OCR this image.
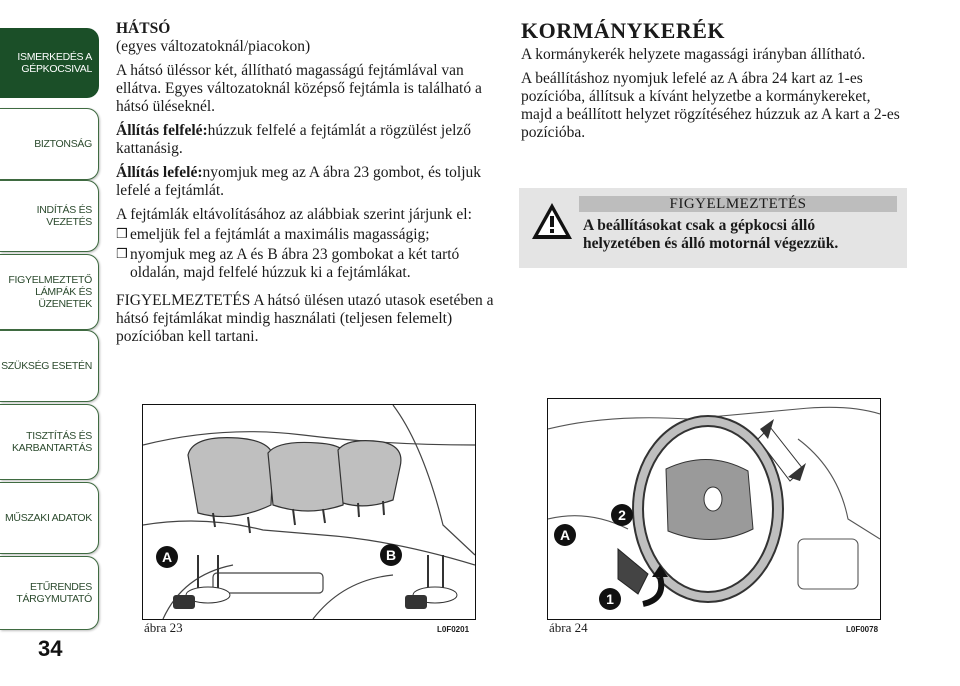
ISMERKEDÉS A
GÉPKOCSIVAL
BIZTONSÁG
INDÍTÁS ÉS
VEZETÉS
FIGYELMEZTETŐ
LÁMPÁK ÉS
ÜZENETEK
SZÜKSÉG ESETÉN
TISZTÍTÁS ÉS
KARBANTARTÁS
MŰSZAKI ADATOK
ETŰRENDES
TÁRGYMUTATÓ
34

HÁTSÓ

(egyes változatoknál/piacokon)

A hátsó üléssor két, állítható magasságú fejtámlával van ellátva. Egyes változatoknál középső fejtámla is található a hátsó üléseknél.

Állítás felfelé:húzzuk felfelé a fejtámlát a rögzülést jelző kattanásig.

Állítás lefelé:nyomjuk meg az A ábra 23 gombot, és toljuk lefelé a fejtámlát.

A fejtámlák eltávolításához az alábbiak szerint járjunk el:

❒ emeljük fel a fejtámlát a maximális magasságig;
❒ nyomjuk meg az A és B ábra 23 gombokat a két tartó oldalán, majd felfelé húzzuk ki a fejtámlákat.

FIGYELMEZTETÉS A hátsó ülésen utazó utasok esetében a hátsó fejtámlákat mindig használati (teljesen felemelt) pozícióban kell tartani.

KORMÁNYKERÉK

A kormánykerék helyzete magassági irányban állítható.

A beállításhoz nyomjuk lefelé az A ábra 24 kart az 1-es pozícióba, állítsuk a kívánt helyzetbe a kormánykereket, majd a beállított helyzet rögzítéséhez húzzuk az A kart a 2-es pozícióba.

FIGYELMEZTETÉS
A beállításokat csak a gépkocsi álló helyzetében és álló motornál végezzük.
A	B
ábra 23	L0F0201
A
2
1
ábra 24	L0F0078
